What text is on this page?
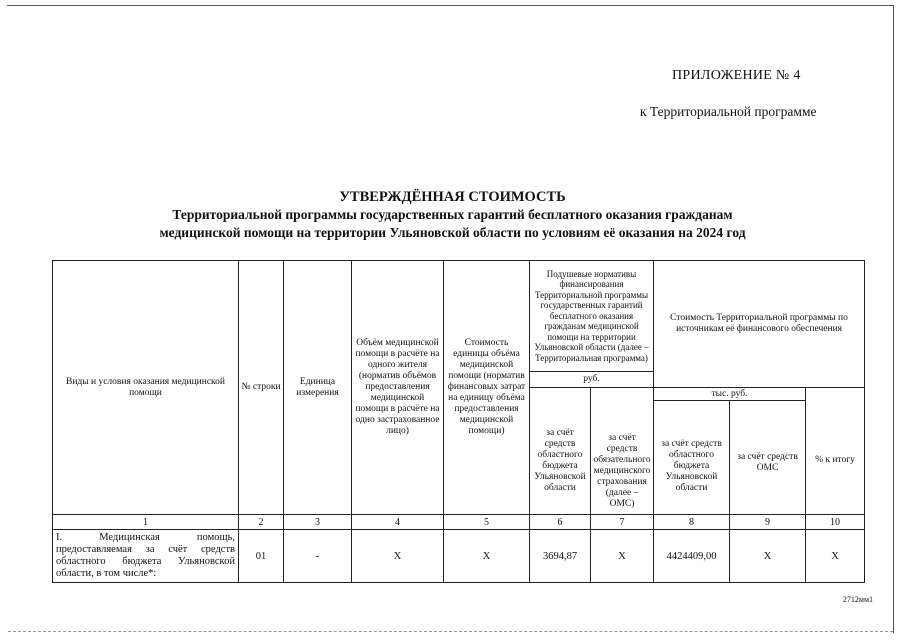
ПРИЛОЖЕНИЕ № 4
к Территориальной программе
УТВЕРЖДЁННАЯ СТОИМОСТЬ
Территориальной программы государственных гарантий бесплатного оказания гражданам
медицинской помощи на территории Ульяновской области по условиям её оказания на 2024 год
Виды и условия оказания медицинской помощи	№ строки	Единица измерения	Объём медицинской помощи в расчёте на одного жителя (норматив объёмов предоставления медицинской помощи в расчёте на одно застрахованное лицо)	Стоимость единицы объёма медицинской помощи (норматив финансовых затрат на единицу объёма предоставления медицинской помощи)	Подушевые нормативы финансирования Территориальной программы государственных гарантий бесплатного оказания гражданам медицинской помощи на территории Ульяновской области (далее – Территориальная программа)	Стоимость Территориальной программы по источникам её финансового обеспечения
руб.
за счёт средств областного бюджета Ульяновской области	за счёт средств обязательного медицинского страхования (далее – ОМС)	
тыс. руб.
за счёт средств областного бюджета Ульяновской области	за счёт средств ОМС
	% к итогу
1	2	3	4	5	6	7	8	9	10
I. Медицинская помощь, предоставляемая за счёт средств областного бюджета Ульяновской области, в том числе*:	01	-	X	X	3694,87	X	4424409,00	X	X
2712мм1
